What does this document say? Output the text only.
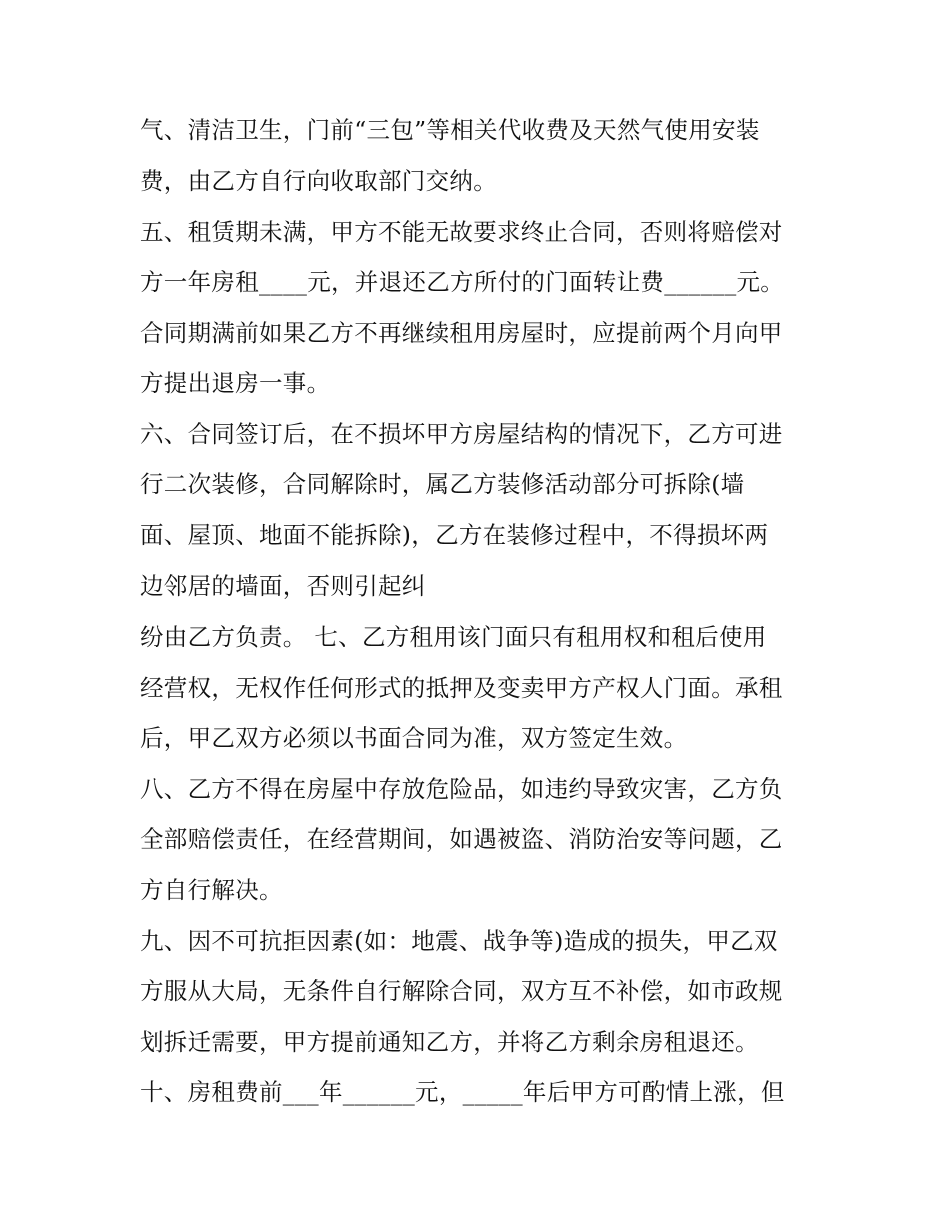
气、清洁卫生，门前“三包”等相关代收费及天然气使用安装
费，由乙方自行向收取部门交纳。
五、租赁期未满，甲方不能无故要求终止合同，否则将赔偿对
方一年房租____元，并退还乙方所付的门面转让费______元。
合同期满前如果乙方不再继续租用房屋时，应提前两个月向甲
方提出退房一事。
六、合同签订后，在不损坏甲方房屋结构的情况下，乙方可进
行二次装修，合同解除时，属乙方装修活动部分可拆除(墙
面、屋顶、地面不能拆除)，乙方在装修过程中，不得损坏两
边邻居的墙面，否则引起纠
纷由乙方负责。 七、乙方租用该门面只有租用权和租后使用
经营权，无权作任何形式的抵押及变卖甲方产权人门面。承租
后，甲乙双方必须以书面合同为准，双方签定生效。
八、乙方不得在房屋中存放危险品，如违约导致灾害，乙方负
全部赔偿责任，在经营期间，如遇被盗、消防治安等问题，乙
方自行解决。
九、因不可抗拒因素(如：地震、战争等)造成的损失，甲乙双
方服从大局，无条件自行解除合同，双方互不补偿，如市政规
划拆迁需要，甲方提前通知乙方，并将乙方剩余房租退还。
十、房租费前___年______元，_____年后甲方可酌情上涨，但
